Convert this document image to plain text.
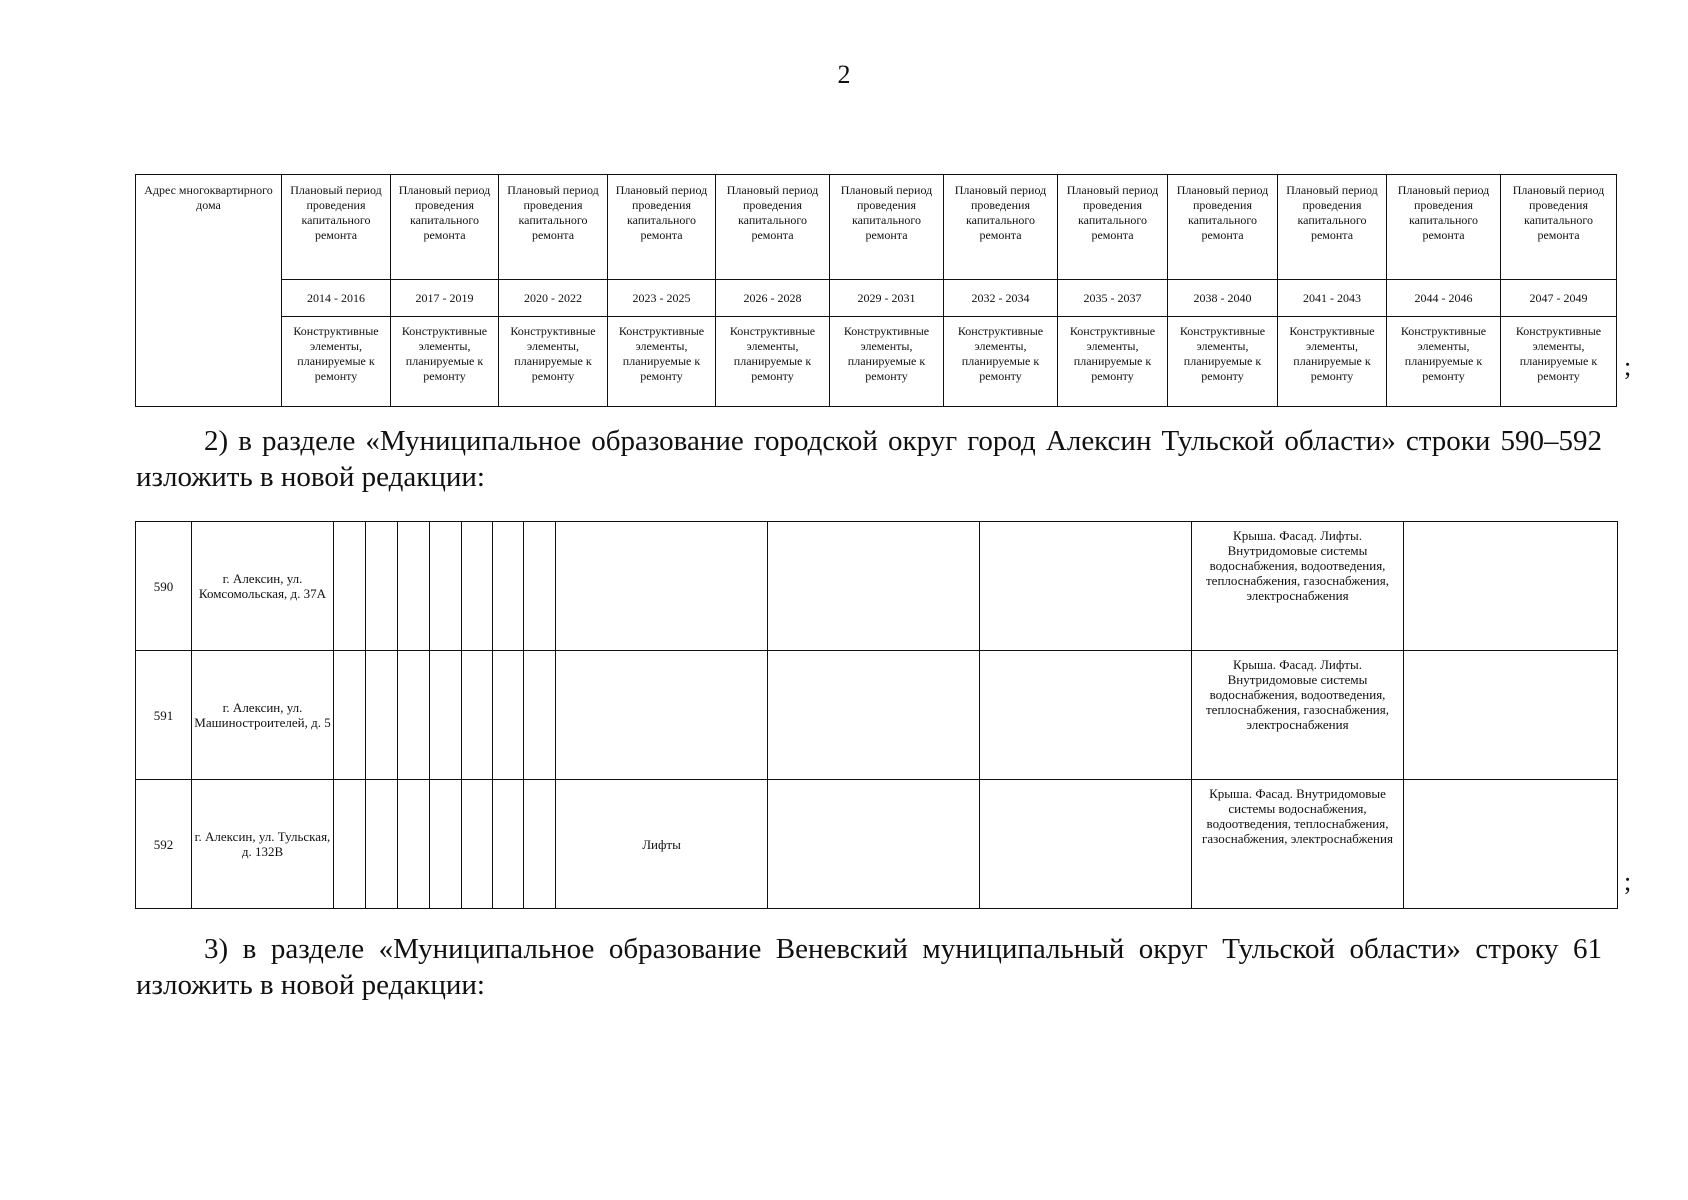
2
Адрес многоквартирного дома	Плановый период проведения капитального ремонта	Плановый период проведения капитального ремонта	Плановый период проведения капитального ремонта	Плановый период проведения капитального ремонта	Плановый период проведения капитального ремонта	Плановый период проведения капитального ремонта	Плановый период проведения капитального ремонта	Плановый период проведения капитального ремонта	Плановый период проведения капитального ремонта	Плановый период проведения капитального ремонта	Плановый период проведения капитального ремонта	Плановый период проведения капитального ремонта
	2014 - 2016	2017 - 2019	2020 - 2022	2023 - 2025	2026 - 2028	2029 - 2031	2032 - 2034	2035 - 2037	2038 - 2040	2041 - 2043	2044 - 2046	2047 - 2049
	Конструктивные элементы, планируемые к ремонту	Конструктивные элементы, планируемые к ремонту	Конструктивные элементы, планируемые к ремонту	Конструктивные элементы, планируемые к ремонту	Конструктивные элементы, планируемые к ремонту	Конструктивные элементы, планируемые к ремонту	Конструктивные элементы, планируемые к ремонту	Конструктивные элементы, планируемые к ремонту	Конструктивные элементы, планируемые к ремонту	Конструктивные элементы, планируемые к ремонту	Конструктивные элементы, планируемые к ремонту	Конструктивные элементы, планируемые к ремонту ;
2) в разделе «Муниципальное образование городской округ город Алексин Тульской области» строки 590–592 изложить в новой редакции:
590	г. Алексин, ул. Комсомольская, д. 37А											Крыша. Фасад. Лифты. Внутридомовые системы водоснабжения, водоотведения, теплоснабжения, газоснабжения, электроснабжения	
591	г. Алексин, ул. Машиностроителей, д. 5											Крыша. Фасад. Лифты. Внутридомовые системы водоснабжения, водоотведения, теплоснабжения, газоснабжения, электроснабжения	
592	г. Алексин, ул. Тульская, д. 132В								Лифты			Крыша. Фасад. Внутридомовые системы водоснабжения, водоотведения, теплоснабжения, газоснабжения, электроснабжения	
;
3) в разделе «Муниципальное образование Веневский муниципальный округ Тульской области» строку 61 изложить в новой редакции:
